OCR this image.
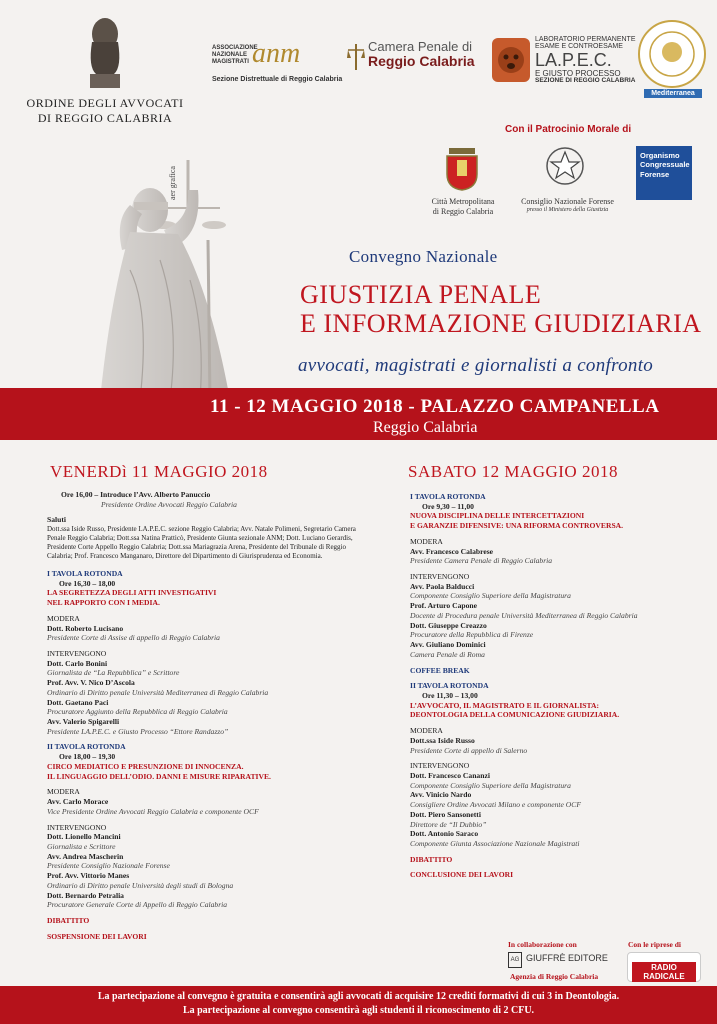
ORDINE DEGLI AVVOCATI
DI REGGIO CALABRIA
ASSOCIAZIONE NAZIONALE MAGISTRATI anm
Sezione Distrettuale di Reggio Calabria
Camera Penale di
Reggio Calabria
LABORATORIO PERMANENTE
ESAME E CONTROESAME
LA.P.E.C.
E GIUSTO PROCESSO
SEZIONE DI REGGIO CALABRIA
Mediterranea
Con il Patrocinio Morale di
Città Metropolitana
di Reggio Calabria
Consiglio Nazionale Forense
presso il Ministero della Giustizia
Organismo
Congressuale
Forense
aer grafica
Convegno Nazionale
GIUSTIZIA PENALE
E INFORMAZIONE GIUDIZIARIA
avvocati, magistrati e giornalisti a confronto
11 - 12 MAGGIO 2018 - PALAZZO CAMPANELLA
Reggio Calabria
VENERDì 11 MAGGIO 2018
Ore 16,00 – Introduce l’Avv. Alberto Panuccio
Presidente Ordine Avvocati Reggio Calabria
Saluti
Dott.ssa Iside Russo, Presidente LA.P.E.C. sezione Reggio Calabria; Avv. Natale Polimeni, Segretario Camera Penale Reggio Calabria; Dott.ssa Natina Pratticò, Presidente Giunta sezionale ANM; Dott. Luciano Gerardis, Presidente Corte Appello Reggio Calabria; Dott.ssa Mariagrazia Arena, Presidente del Tribunale di Reggio Calabria; Prof. Francesco Manganaro, Direttore del Dipartimento di Giurisprudenza ed Economia.
I TAVOLA ROTONDA
Ore 16,30 – 18,00
LA SEGRETEZZA DEGLI ATTI INVESTIGATIVI
NEL RAPPORTO CON I MEDIA.
MODERA
Dott. Roberto Lucisano
Presidente Corte di Assise di appello di Reggio Calabria
INTERVENGONO
Dott. Carlo Bonini
Giornalista de “La Repubblica” e Scrittore
Prof. Avv. V. Nico D’Ascola
Ordinario di Diritto penale Università Mediterranea di Reggio Calabria
Dott. Gaetano Paci
Procuratore Aggiunto della Repubblica di Reggio Calabria
Avv. Valerio Spigarelli
Presidente LA.P.E.C. e Giusto Processo “Ettore Randazzo”
II TAVOLA ROTONDA
Ore 18,00 – 19,30
CIRCO MEDIATICO E PRESUNZIONE DI INNOCENZA.
IL LINGUAGGIO DELL’ODIO. DANNI E MISURE RIPARATIVE.
MODERA
Avv. Carlo Morace
Vice Presidente Ordine Avvocati Reggio Calabria e componente OCF
INTERVENGONO
Dott. Lionello Mancini
Giornalista e Scrittore
Avv. Andrea Mascherin
Presidente Consiglio Nazionale Forense
Prof. Avv. Vittorio Manes
Ordinario di Diritto penale Università degli studi di Bologna
Dott. Bernardo Petralia
Procuratore Generale Corte di Appello di Reggio Calabria
DIBATTITO
SOSPENSIONE DEI LAVORI
SABATO 12 MAGGIO 2018
I TAVOLA ROTONDA
Ore 9,30 – 11,00
NUOVA DISCIPLINA DELLE INTERCETTAZIONI
E GARANZIE DIFENSIVE: UNA RIFORMA CONTROVERSA.
MODERA
Avv. Francesco Calabrese
Presidente Camera Penale di Reggio Calabria
INTERVENGONO
Avv. Paola Balducci
Componente Consiglio Superiore della Magistratura
Prof. Arturo Capone
Docente di Procedura penale Università Mediterranea di Reggio Calabria
Dott. Giuseppe Creazzo
Procuratore della Repubblica di Firenze
Avv. Giuliano Dominici
Camera Penale di Roma
COFFEE BREAK
II TAVOLA ROTONDA
Ore 11,30 – 13,00
L’AVVOCATO, IL MAGISTRATO E IL GIORNALISTA:
DEONTOLOGIA DELLA COMUNICAZIONE GIUDIZIARIA.
MODERA
Dott.ssa Iside Russo
Presidente Corte di appello di Salerno
INTERVENGONO
Dott. Francesco Cananzi
Componente Consiglio Superiore della Magistratura
Avv. Vinicio Nardo
Consigliere Ordine Avvocati Milano e componente OCF
Dott. Piero Sansonetti
Direttore de “Il Dubbio”
Dott. Antonio Saraco
Componente Giunta Associazione Nazionale Magistrati
DIBATTITO
CONCLUSIONE DEI LAVORI
In collaborazione con
AG GIUFFRÈ EDITORE
Agenzia di Reggio Calabria
Con le riprese di
RADIO RADICALE
La partecipazione al convegno è gratuita e consentirà agli avvocati di acquisire 12 crediti formativi di cui 3 in Deontologia.
La partecipazione al convegno consentirà agli studenti il riconoscimento di 2 CFU.
